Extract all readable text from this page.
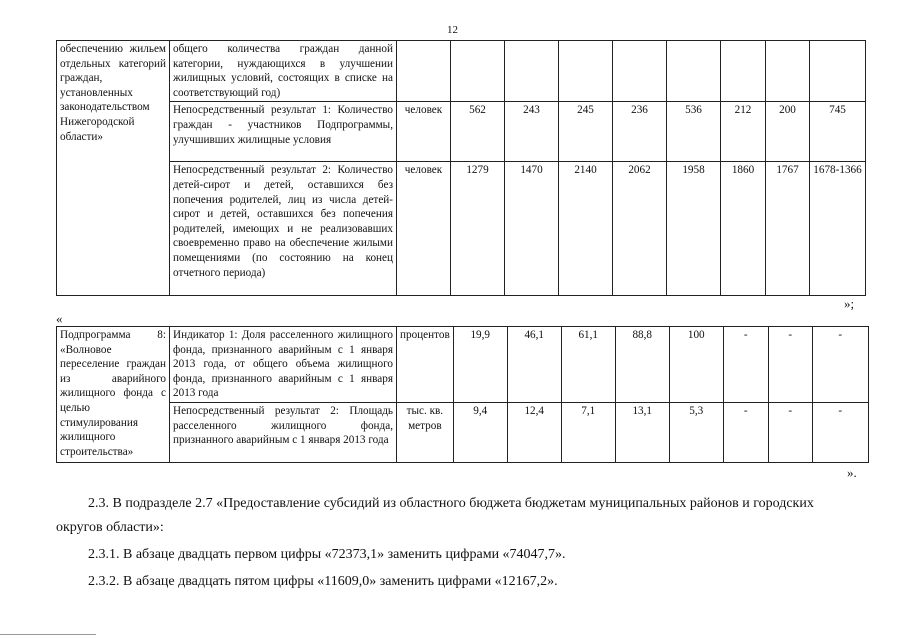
12
обеспечению жильем отдельных категорий граждан, установленных законодательством Нижегородской области»	общего количества граждан данной категории, нуждающихся в улучшении жилищных условий, состоящих в списке на соответствующий год)									
	Непосредственный результат 1: Количество граждан - участников Подпрограммы, улучшивших жилищные условия	человек	562	243	245	236	536	212	200	745
	Непосредственный результат 2: Количество детей-сирот и детей, оставшихся без попечения родителей, лиц из числа детей-сирот и детей, оставшихся без попечения родителей, имеющих и не реализовавших своевременно право на обеспечение жилыми помещениями (по состоянию на конец отчетного периода)	человек	1279	1470	2140	2062	1958	1860	1767	1678-1366
»;
«
Подпрограмма 8: «Волновое переселение граждан из аварийного жилищного фонда с целью стимулирования жилищного строительства»	Индикатор 1: Доля расселенного жилищного фонда, признанного аварийным с 1 января 2013 года, от общего объема жилищного фонда, признанного аварийным с 1 января 2013 года	процентов	19,9	46,1	61,1	88,8	100	-	-	-
	Непосредственный результат 2: Площадь расселенного жилищного фонда, признанного аварийным с 1 января 2013 года	тыс. кв. метров	9,4	12,4	7,1	13,1	5,3	-	-	-
».
2.3. В подразделе 2.7 «Предоставление субсидий из областного бюджета бюджетам муниципальных районов и городских округов области»:
2.3.1. В абзаце двадцать первом цифры «72373,1» заменить цифрами «74047,7».
2.3.2. В абзаце двадцать пятом цифры «11609,0» заменить цифрами «12167,2».
